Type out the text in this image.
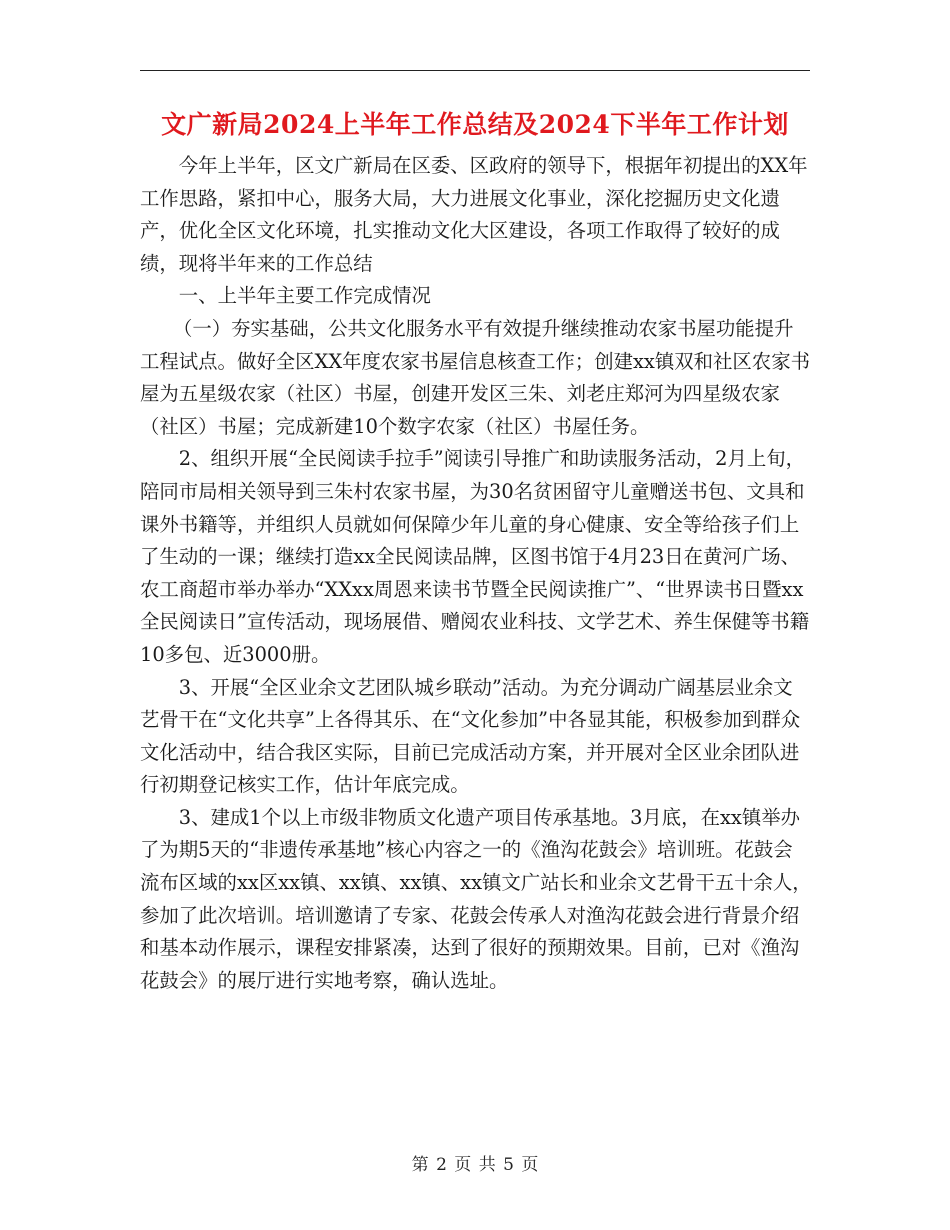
文广新局2024上半年工作总结及2024下半年工作计划

今年上半年，区文广新局在区委、区政府的领导下，根据年初提出的XX年工作思路，紧扣中心，服务大局，大力进展文化事业，深化挖掘历史文化遗产，优化全区文化环境，扎实推动文化大区建设，各项工作取得了较好的成绩，现将半年来的工作总结

一、上半年主要工作完成情况

（一）夯实基础，公共文化服务水平有效提升继续推动农家书屋功能提升工程试点。做好全区XX年度农家书屋信息核查工作；创建xx镇双和社区农家书屋为五星级农家（社区）书屋，创建开发区三朱、刘老庄郑河为四星级农家（社区）书屋；完成新建10个数字农家（社区）书屋任务。

2、组织开展“全民阅读手拉手”阅读引导推广和助读服务活动，2月上旬，陪同市局相关领导到三朱村农家书屋，为30名贫困留守儿童赠送书包、文具和课外书籍等，并组织人员就如何保障少年儿童的身心健康、安全等给孩子们上了生动的一课；继续打造xx全民阅读品牌，区图书馆于4月23日在黄河广场、农工商超市举办举办“XXxx周恩来读书节暨全民阅读推广”、“世界读书日暨xx全民阅读日”宣传活动，现场展借、赠阅农业科技、文学艺术、养生保健等书籍10多包、近3000册。

3、开展“全区业余文艺团队城乡联动”活动。为充分调动广阔基层业余文艺骨干在“文化共享”上各得其乐、在“文化参加”中各显其能，积极参加到群众文化活动中，结合我区实际，目前已完成活动方案，并开展对全区业余团队进行初期登记核实工作，估计年底完成。

3、建成1个以上市级非物质文化遗产项目传承基地。3月底，在xx镇举办了为期5天的“非遗传承基地”核心内容之一的《渔沟花鼓会》培训班。花鼓会流布区域的xx区xx镇、xx镇、xx镇、xx镇文广站长和业余文艺骨干五十余人，参加了此次培训。培训邀请了专家、花鼓会传承人对渔沟花鼓会进行背景介绍和基本动作展示，课程安排紧凑，达到了很好的预期效果。目前，已对《渔沟花鼓会》的展厅进行实地考察，确认选址。

第 2 页 共 5 页
